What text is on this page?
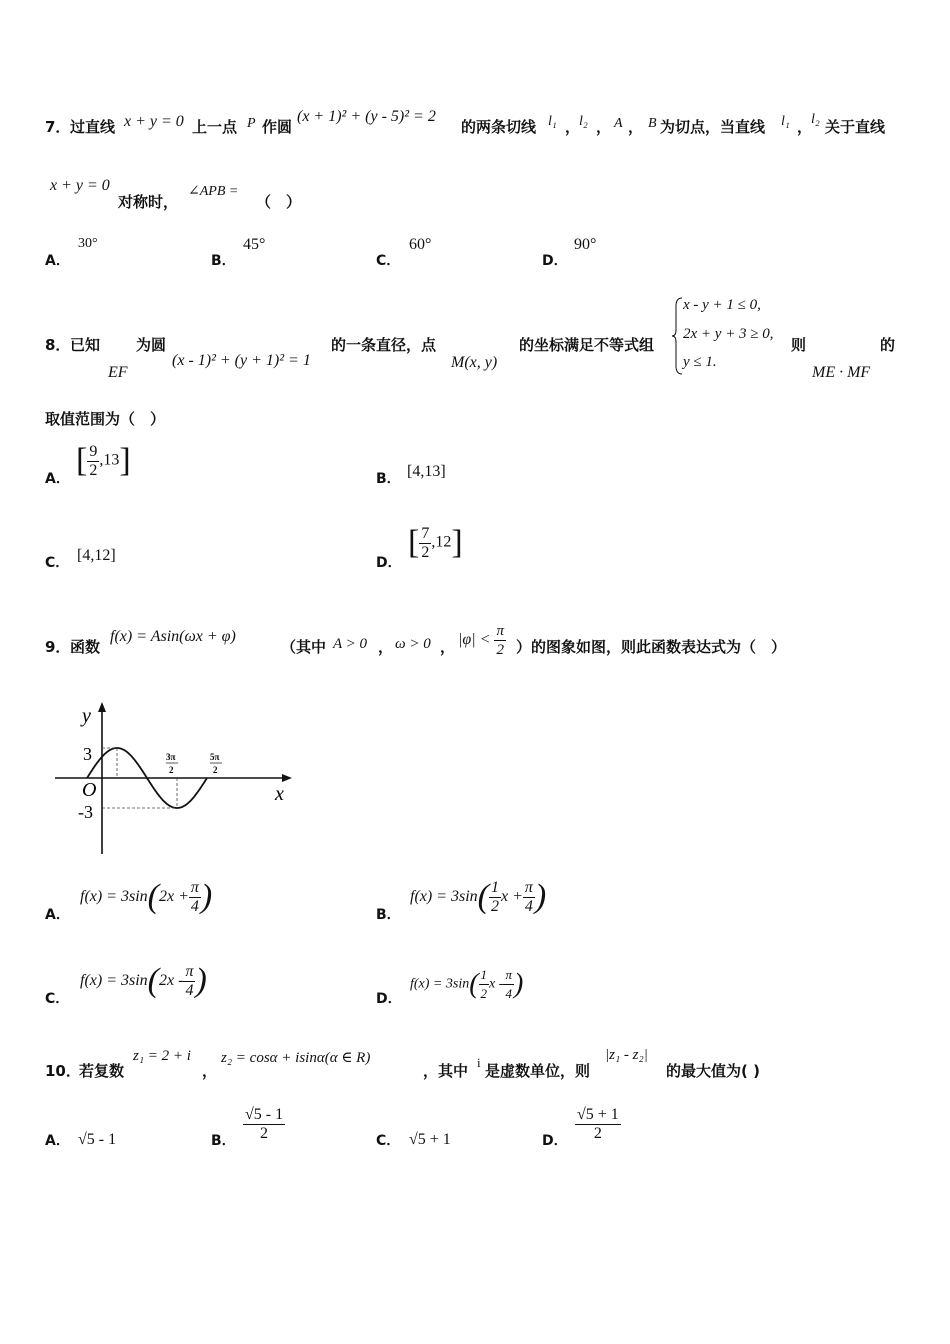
7． 过直线 x + y = 0 上一点 P 作圆
(x + 1)² + (y - 5)² = 2
的两条切线 l₁ ，
l₂ ， A ， B 为切点，当直线 l₁ ，
l₂ 关于直线
x + y = 0
对称时，
∠APB =
（　）
A．
30°
B．
45°
C．
60°
D．
90°
8． 已知
EF
为圆
(x - 1)² + (y + 1)² = 1
的一条直径，点
M(x, y)
的坐标满足不等式组
x - y + 1 ≤ 0,
2x + y + 3 ≥ 0,
y ≤ 1.
则
ME · MF
的
取值范围为（　）
A． [ $\frac{9}{2} ,13$]	B． [4,13]
C． [4,12]	D．
[ $\frac{7}{2} ,12$]
9． 函数
f(x) = Asin(ωx + φ)
（其中 A > 0 ， ω > 0 ， $|\varphi| < \frac{\pi}{2}$ ）的图象如图，则此函数表达式为（　）
y
x
O
3
-3
3π
2
5π
2
A．
$f(x) = 3\sin(2x + \frac{\pi}{4}$ )	B．
$f(x) = 3\sin( \frac{1}{2}$ $x + \frac{\pi}{4}$ )
C．
$f(x) = 3\sin(2x - \frac{\pi}{4}$ )	D．
$f(x) = 3\sin( \frac{1}{2}$ x - $\frac{\pi}{4}$ )
10．
若复数
z₁ = 2 + i
，
z₂ = cosα + isinα(α ∈ R)
，其中 i 是虚数单位，则
|z₁ - z₂|
的最大值为( )
A． √5 - 1	B． $\frac{√5 - 1}{2}$	C． √5 + 1	D． $\frac{√5 + 1}{2}$
